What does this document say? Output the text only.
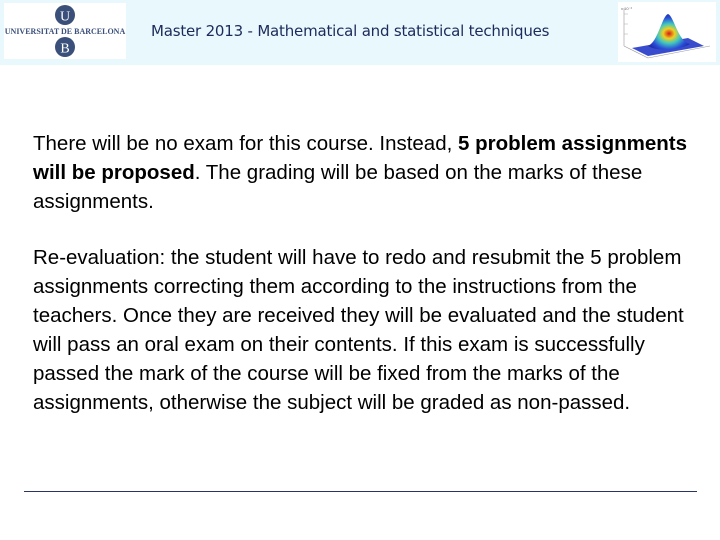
U
UNIVERSITAT DE BARCELONA
B
Master 2013 - Mathematical and statistical techniques
x 10⁻³

There will be no exam for this course. Instead, 5 problem assignments will be proposed. The grading will be based on the marks of these assignments.

Re-evaluation: the student will have to redo and resubmit the 5 problem assignments correcting them according to the instructions from the teachers. Once they are received they will be evaluated and the student will pass an oral exam on their contents. If this exam is successfully passed the mark of the course will be fixed from the marks of the assignments, otherwise the subject will be graded as non-passed.
